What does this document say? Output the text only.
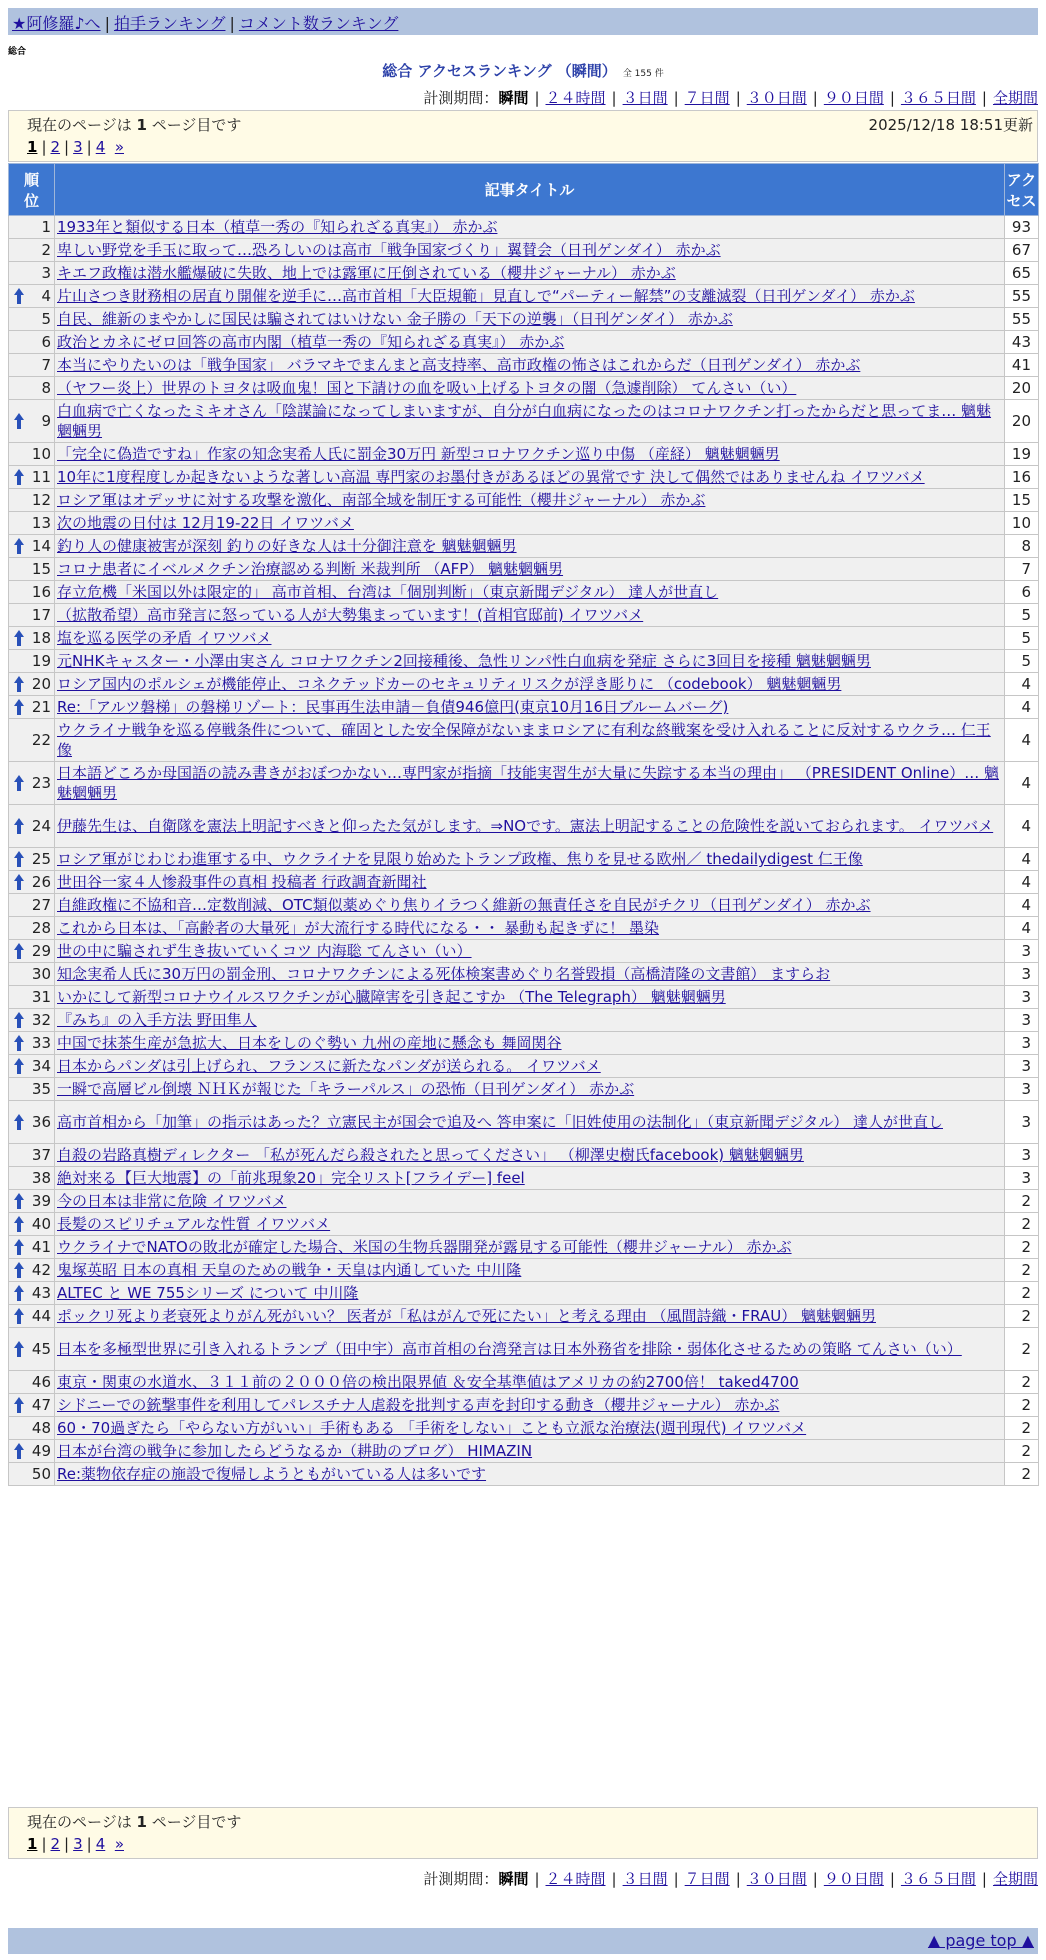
★阿修羅♪へ | 拍手ランキング | コメント数ランキング
総合
総合 アクセスランキング （瞬間） 全 155 件
計測期間：瞬間 | ２４時間 | ３日間 | ７日間 | ３０日間 | ９０日間 | ３６５日間 | 全期間
現在のページは 1 ページ目です	2025/12/18 18:51更新
1 | 2 | 3 | 4 »
順
位	記事タイトル	アク
セス
1	1933年と類似する日本（植草一秀の『知られざる真実』） 赤かぶ	93
2	卑しい野党を手玉に取って…恐ろしいのは高市「戦争国家づくり」翼賛会（日刊ゲンダイ） 赤かぶ	67
3	キエフ政権は潜水艦爆破に失敗、地上では露軍に圧倒されている（櫻井ジャーナル） 赤かぶ	65

4	片山さつき財務相の居直り開催を逆手に…高市首相「大臣規範」見直しで“パーティー解禁”の支離滅裂（日刊ゲンダイ） 赤かぶ	55
5	自民、維新のまやかしに国民は騙されてはいけない 金子勝の「天下の逆襲」（日刊ゲンダイ） 赤かぶ	55
6	政治とカネにゼロ回答の高市内閣（植草一秀の『知られざる真実』） 赤かぶ	43
7	本当にやりたいのは「戦争国家」 バラマキでまんまと高支持率、高市政権の怖さはこれからだ（日刊ゲンダイ） 赤かぶ	41
8	（ヤフー炎上）世界のトヨタは吸血鬼！国と下請けの血を吸い上げるトヨタの闇（急遽削除） てんさい（い）	20

9	白血病で亡くなったミキオさん「陰謀論になってしまいますが、自分が白血病になったのはコロナワクチン打ったからだと思ってま… 魑魅魍魎男	20
10	「完全に偽造ですね」作家の知念実希人氏に罰金30万円 新型コロナワクチン巡り中傷 （産経） 魑魅魍魎男	19

11	10年に1度程度しか起きないような著しい高温 専門家のお墨付きがあるほどの異常です 決して偶然ではありませんね イワツバメ	16
12	ロシア軍はオデッサに対する攻撃を激化、南部全域を制圧する可能性（櫻井ジャーナル） 赤かぶ	15
13	次の地震の日付は 12月19-22日 イワツバメ	10

14	釣り人の健康被害が深刻 釣りの好きな人は十分御注意を 魑魅魍魎男	8
15	コロナ患者にイベルメクチン治療認める判断 米裁判所 （AFP） 魑魅魍魎男	7
16	存立危機「米国以外は限定的」 高市首相、台湾は「個別判断」（東京新聞デジタル） 達人が世直し	6
17	（拡散希望）高市発言に怒っている人が大勢集まっています！(首相官邸前) イワツバメ	5

18	塩を巡る医学の矛盾 イワツバメ	5
19	元NHKキャスター・小澤由実さん コロナワクチン2回接種後、急性リンパ性白血病を発症 さらに3回目を接種 魑魅魍魎男	5

20	ロシア国内のポルシェが機能停止、コネクテッドカーのセキュリティリスクが浮き彫りに （codebook） 魑魅魍魎男	4

21	Re:「アルツ磐梯」の磐梯リゾート：民事再生法申請－負債946億円(東京10月16日ブルームバーグ)	4
22	ウクライナ戦争を巡る停戦条件について、確固とした安全保障がないままロシアに有利な終戦案を受け入れることに反対するウクラ… 仁王像	4

23	日本語どころか母国語の読み書きがおぼつかない…専門家が指摘「技能実習生が大量に失踪する本当の理由」 （PRESIDENT Online）… 魑魅魍魎男	4

24	伊藤先生は、自衛隊を憲法上明記すべきと仰ったた気がします。⇒NOです。憲法上明記することの危険性を説いておられます。 イワツバメ	4

25	ロシア軍がじわじわ進軍する中、ウクライナを見限り始めたトランプ政権、焦りを見せる欧州／ thedailydigest 仁王像	4

26	世田谷一家４人惨殺事件の真相 投稿者 行政調査新聞社	4
27	自維政権に不協和音…定数削減、OTC類似薬めぐり焦りイラつく維新の無責任さを自民がチクリ（日刊ゲンダイ） 赤かぶ	4
28	これから日本は、「高齢者の大量死」が大流行する時代になる・・ 暴動も起きずに！ 墨染	4

29	世の中に騙されず生き抜いていくコツ 内海聡 てんさい（い）	3
30	知念実希人氏に30万円の罰金刑、コロナワクチンによる死体検案書めぐり名誉毀損（高橋清隆の文書館） ますらお	3
31	いかにして新型コロナウイルスワクチンが心臓障害を引き起こすか （The Telegraph） 魑魅魍魎男	3

32	『みち』の入手方法 野田隼人	3

33	中国で抹茶生産が急拡大、日本をしのぐ勢い 九州の産地に懸念も 舞岡関谷	3

34	日本からパンダは引上げられ、フランスに新たなパンダが送られる。 イワツバメ	3
35	一瞬で高層ビル倒壊 ＮＨＫが報じた「キラーパルス」の恐怖（日刊ゲンダイ） 赤かぶ	3

36	高市首相から「加筆」の指示はあった？立憲民主が国会で追及へ 答申案に「旧姓使用の法制化」（東京新聞デジタル） 達人が世直し	3
37	自殺の岩路真樹ディレクター 「私が死んだら殺されたと思ってください」 （柳澤史樹氏facebook) 魑魅魍魎男	3
38	絶対来る【巨大地震】の「前兆現象20」完全リスト[フライデー] feel	3

39	今の日本は非常に危険 イワツバメ	2

40	長髪のスピリチュアルな性質 イワツバメ	2

41	ウクライナでNATOの敗北が確定した場合、米国の生物兵器開発が露見する可能性（櫻井ジャーナル） 赤かぶ	2

42	鬼塚英昭 日本の真相 天皇のための戦争・天皇は内通していた 中川隆	2

43	ALTEC と WE 755シリーズ について 中川隆	2

44	ポックリ死より老衰死よりがん死がいい？ 医者が「私はがんで死にたい」と考える理由 （風間詩織・FRAU） 魑魅魍魎男	2

45	日本を多極型世界に引き入れるトランプ（田中宇）高市首相の台湾発言は日本外務省を排除・弱体化させるための策略 てんさい（い）	2
46	東京・関東の水道水、３１１前の２０００倍の検出限界値 ＆安全基準値はアメリカの約2700倍！ taked4700	2

47	シドニーでの銃撃事件を利用してパレスチナ人虐殺を批判する声を封印する動き（櫻井ジャーナル） 赤かぶ	2
48	60・70過ぎたら「やらない方がいい」手術もある 「手術をしない」ことも立派な治療法(週刊現代) イワツバメ	2

49	日本が台湾の戦争に参加したらどうなるか（耕助のブログ） HIMAZIN	2
50	Re:薬物依存症の施設で復帰しようともがいている人は多いです	2
現在のページは 1 ページ目です
1 | 2 | 3 | 4 »
計測期間：瞬間 | ２４時間 | ３日間 | ７日間 | ３０日間 | ９０日間 | ３６５日間 | 全期間
▲ page top ▲
